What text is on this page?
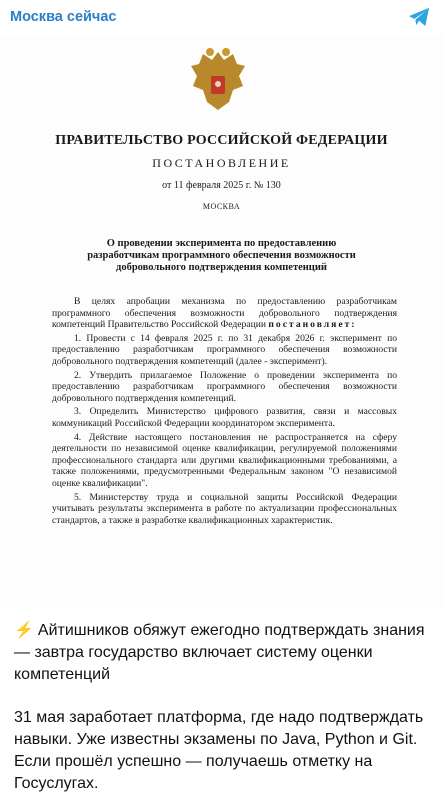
Москва сейчас
ПРАВИТЕЛЬСТВО РОССИЙСКОЙ ФЕДЕРАЦИИ
ПОСТАНОВЛЕНИЕ
от 11 февраля 2025 г. № 130
МОСКВА
О проведении эксперимента по предоставлению разработчикам программного обеспечения возможности добровольного подтверждения компетенций

В целях апробации механизма по предоставлению разработчикам программного обеспечения возможности добровольного подтверждения компетенций Правительство Российской Федерации постановляет:

1. Провести с 14 февраля 2025 г. по 31 декабря 2026 г. эксперимент по предоставлению разработчикам программного обеспечения возможности добровольного подтверждения компетенций (далее - эксперимент).

2. Утвердить прилагаемое Положение о проведении эксперимента по предоставлению разработчикам программного обеспечения возможности добровольного подтверждения компетенций.

3. Определить Министерство цифрового развития, связи и массовых коммуникаций Российской Федерации координатором эксперимента.

4. Действие настоящего постановления не распространяется на сферу деятельности по независимой оценке квалификации, регулируемой положениями профессионального стандарта или другими квалификационными требованиями, а также положениями, предусмотренными Федеральным законом "О независимой оценке квалификации".

5. Министерству труда и социальной защиты Российской Федерации учитывать результаты эксперимента в работе по актуализации профессиональных стандартов, а также в разработке квалификационных характеристик.

⚡ Айтишников обяжут ежегодно подтверждать знания — завтра государство включает систему оценки компетенций
31 мая заработает платформа, где надо подтверждать навыки. Уже известны экзамены по Java, Python и Git. Если прошёл успешно — получаешь отметку на Госуслугах.
